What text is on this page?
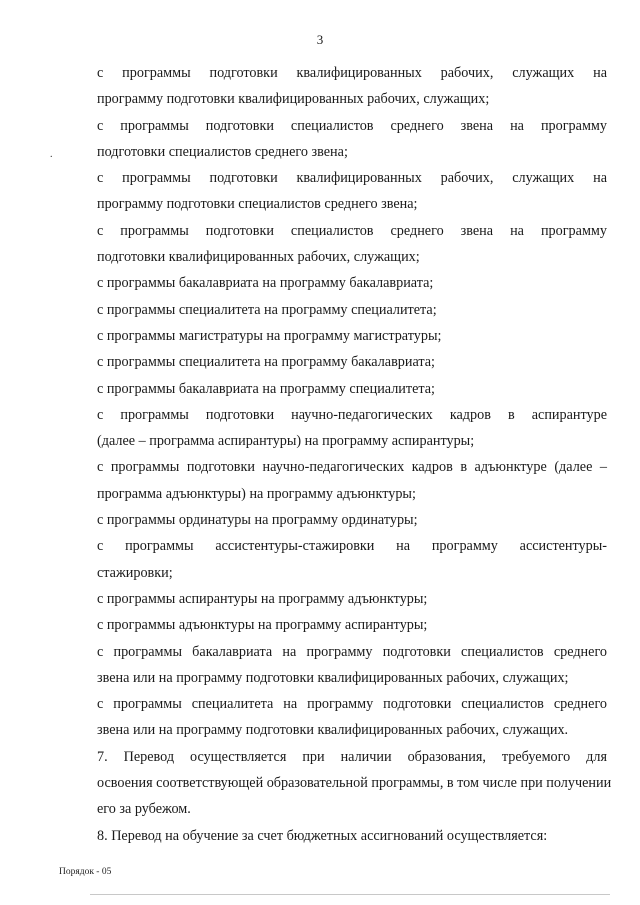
3
.
с программы подготовки квалифицированных рабочих, служащих на
программу подготовки квалифицированных рабочих, служащих;
с программы подготовки специалистов среднего звена на программу
подготовки специалистов среднего звена;
с программы подготовки квалифицированных рабочих, служащих на
программу подготовки специалистов среднего звена;
с программы подготовки специалистов среднего звена на программу
подготовки квалифицированных рабочих, служащих;
с программы бакалавриата на программу бакалавриата;
с программы специалитета на программу специалитета;
с программы магистратуры на программу магистратуры;
с программы специалитета на программу бакалавриата;
с программы бакалавриата на программу специалитета;
с программы подготовки научно-педагогических кадров в аспирантуре
(далее – программа аспирантуры) на программу аспирантуры;
с программы подготовки научно-педагогических кадров в адъюнктуре (далее –
программа адъюнктуры) на программу адъюнктуры;
с программы ординатуры на программу ординатуры;
с программы ассистентуры-стажировки на программу ассистентуры-
стажировки;
с программы аспирантуры на программу адъюнктуры;
с программы адъюнктуры на программу аспирантуры;
с программы бакалавриата на программу подготовки специалистов среднего
звена или на программу подготовки квалифицированных рабочих, служащих;
с программы специалитета на программу подготовки специалистов среднего
звена или на программу подготовки квалифицированных рабочих, служащих.
7. Перевод осуществляется при наличии образования, требуемого для
освоения соответствующей образовательной программы, в том числе при получении
его за рубежом.
8. Перевод на обучение за счет бюджетных ассигнований осуществляется:
Порядок - 05
